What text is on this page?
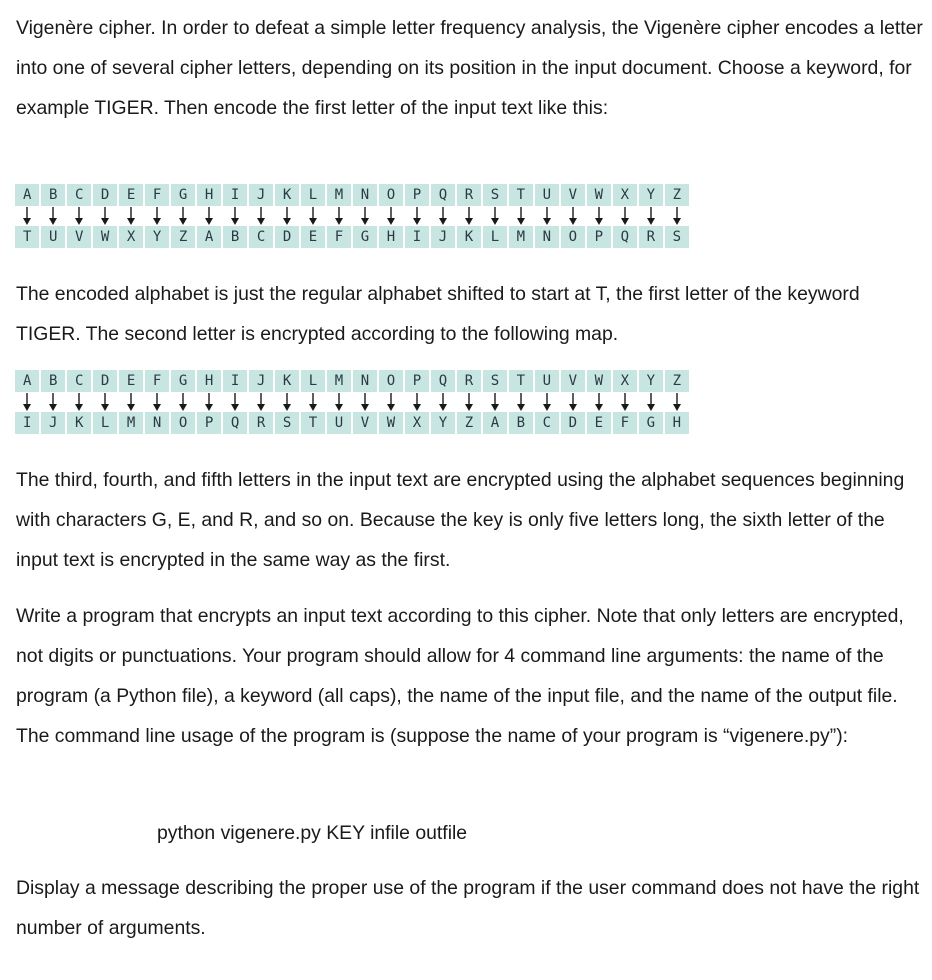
Vigenère cipher. In order to defeat a simple letter frequency analysis, the Vigenère cipher encodes a letter into one of several cipher letters, depending on its position in the input document. Choose a keyword, for example TIGER. Then encode the first letter of the input text like this:

A	B	C	D	E	F	G	H	I	J	K	L	M	N	O	P	Q	R	S	T	U	V	W	X	Y	Z
T	U	V	W	X	Y	Z	A	B	C	D	E	F	G	H	I	J	K	L	M	N	O	P	Q	R	S

The encoded alphabet is just the regular alphabet shifted to start at T, the first letter of the keyword TIGER. The second letter is encrypted according to the following map.

A	B	C	D	E	F	G	H	I	J	K	L	M	N	O	P	Q	R	S	T	U	V	W	X	Y	Z
I	J	K	L	M	N	O	P	Q	R	S	T	U	V	W	X	Y	Z	A	B	C	D	E	F	G	H

The third, fourth, and fifth letters in the input text are encrypted using the alphabet sequences beginning with characters G, E, and R, and so on. Because the key is only five letters long, the sixth letter of the input text is encrypted in the same way as the first.

Write a program that encrypts an input text according to this cipher. Note that only letters are encrypted, not digits or punctuations. Your program should allow for 4 command line arguments: the name of the program (a Python file), a keyword (all caps), the name of the input file, and the name of the output file. The command line usage of the program is (suppose the name of your program is “vigenere.py”):

python vigenere.py KEY infile outfile

Display a message describing the proper use of the program if the user command does not have the right number of arguments.
